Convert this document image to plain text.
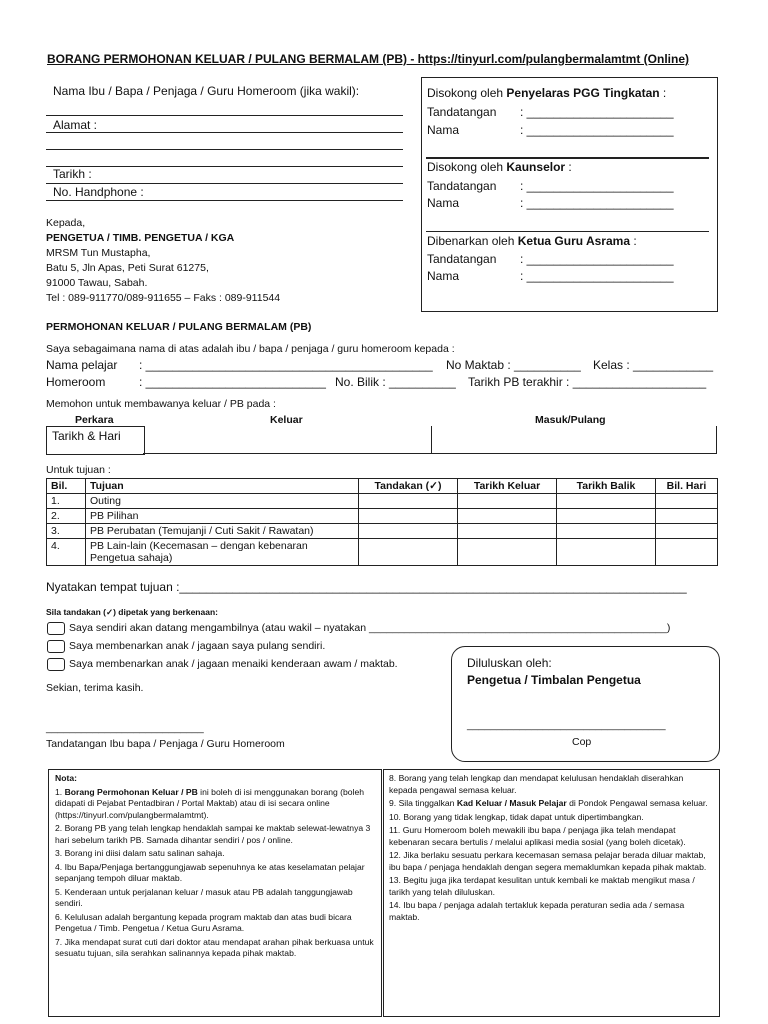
BORANG PERMOHONAN KELUAR / PULANG BERMALAM (PB) - https://tinyurl.com/pulangbermalamtmt (Online)
Nama Ibu / Bapa / Penjaga / Guru Homeroom (jika wakil):
Alamat :
Tarikh :
No. Handphone :
Disokong oleh Penyelaras PGG Tingkatan :
Tandatangan : ______________________
Nama	: ______________________
Disokong oleh Kaunselor :
Tandatangan : ______________________
Nama	: ______________________
Dibenarkan oleh Ketua Guru Asrama :
Tandatangan : ______________________
Nama	: ______________________
Kepada,
PENGETUA / TIMB. PENGETUA / KGA
MRSM Tun Mustapha,
Batu 5, Jln Apas, Peti Surat 61275,
91000 Tawau, Sabah.
Tel : 089-911770/089-911655 – Faks : 089-911544
PERMOHONAN KELUAR / PULANG BERMALAM (PB)
Saya sebagaimana nama di atas adalah ibu / bapa / penjaga / guru homeroom kepada :
Nama pelajar : ___________________________________________ No Maktab : __________ Kelas : ____________
Homeroom	: ___________________________ No. Bilik : __________ Tarikh PB terakhir : ____________________
Memohon untuk membawanya keluar / PB pada :
Perkara	Keluar	Masuk/Pulang
Tarikh & Hari
Untuk tujuan :
Bil.	Tujuan	Tandakan (✓)	Tarikh Keluar	Tarikh Balik	Bil. Hari
1.	Outing				
2.	PB Pilihan				
3.	PB Perubatan (Temujanji / Cuti Sakit / Rawatan)				
4.	PB Lain-lain (Kecemasan – dengan kebenaran Pengetua sahaja)				
Nyatakan tempat tujuan :____________________________________________________________________________
Sila tandakan (✓) dipetak yang berkenaan:
Saya sendiri akan datang mengambilnya (atau wakil – nyatakan ___________________________________________________)
Saya membenarkan anak / jagaan saya pulang sendiri.
Saya membenarkan anak / jagaan menaiki kenderaan awam / maktab.
Sekian, terima kasih.
___________________________
Tandatangan Ibu bapa / Penjaga / Guru Homeroom
Diluluskan oleh:
Pengetua / Timbalan Pengetua
__________________________________
Cop

Nota:

1. Borang Permohonan Keluar / PB ini boleh di isi menggunakan borang (boleh didapati di Pejabat Pentadbiran / Portal Maktab) atau di isi secara online (https://tinyurl.com/pulangbermalamtmt).
2. Borang PB yang telah lengkap hendaklah sampai ke maktab selewat-lewatnya 3 hari sebelum tarikh PB. Samada dihantar sendiri / pos / online.
3. Borang ini diisi dalam satu salinan sahaja.
4. Ibu Bapa/Penjaga bertanggungjawab sepenuhnya ke atas keselamatan pelajar sepanjang tempoh diluar maktab.
5. Kenderaan untuk perjalanan keluar / masuk atau PB adalah tanggungjawab sendiri.
6. Kelulusan adalah bergantung kepada program maktab dan atas budi bicara Pengetua / Timb. Pengetua / Ketua Guru Asrama.
7. Jika mendapat surat cuti dari doktor atau mendapat arahan pihak berkuasa untuk sesuatu tujuan, sila serahkan salinannya kepada pihak maktab.
8. Borang yang telah lengkap dan mendapat kelulusan hendaklah diserahkan kepada pengawal semasa keluar.
9. Sila tinggalkan Kad Keluar / Masuk Pelajar di Pondok Pengawal semasa keluar.
10. Borang yang tidak lengkap, tidak dapat untuk dipertimbangkan.
11. Guru Homeroom boleh mewakili ibu bapa / penjaga jika telah mendapat kebenaran secara bertulis / melalui aplikasi media sosial (yang boleh dicetak).
12. Jika berlaku sesuatu perkara kecemasan semasa pelajar berada diluar maktab, ibu bapa / penjaga hendaklah dengan segera memaklumkan kepada pihak maktab.
13. Begitu juga jika terdapat kesulitan untuk kembali ke maktab mengikut masa / tarikh yang telah diluluskan.
14. Ibu bapa / penjaga adalah tertakluk kepada peraturan sedia ada / semasa maktab.
